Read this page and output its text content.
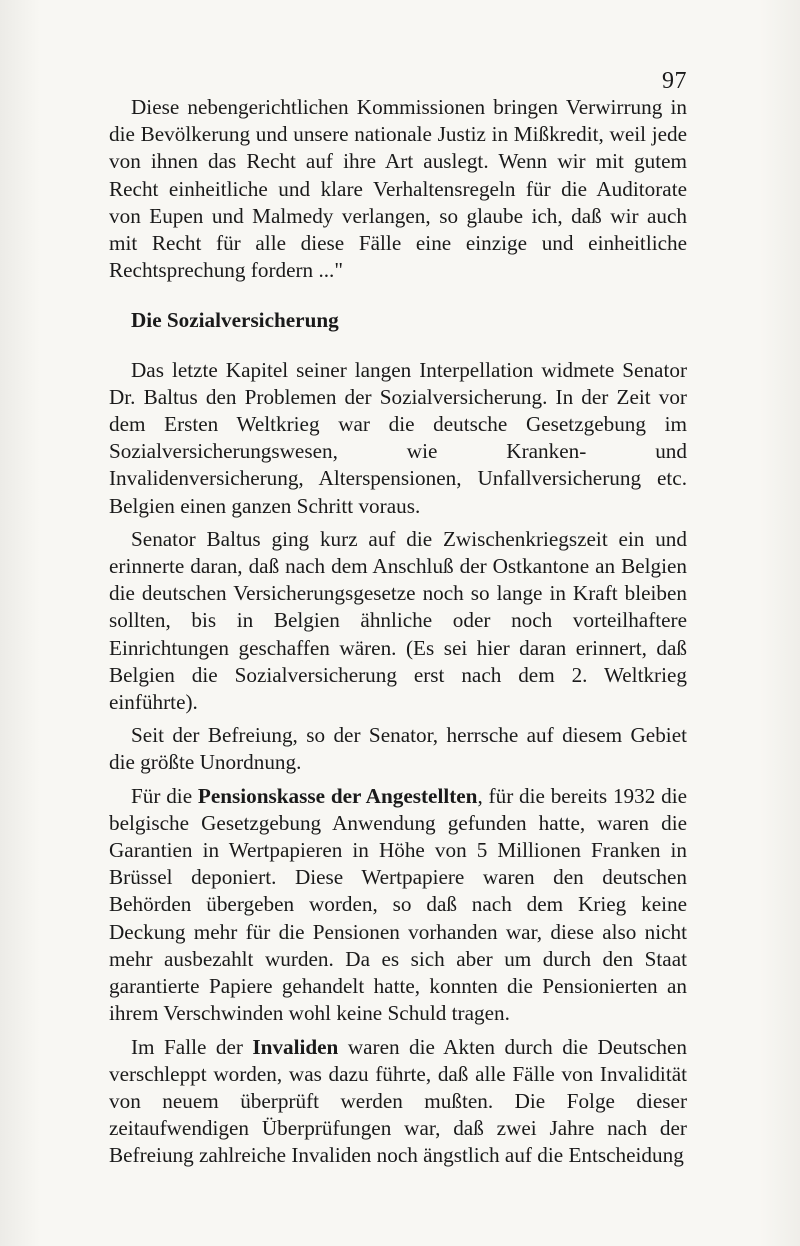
97

Diese nebengerichtlichen Kommissionen bringen Verwirrung in die Bevölkerung und unsere nationale Justiz in Mißkredit, weil jede von ihnen das Recht auf ihre Art auslegt. Wenn wir mit gutem Recht einheitliche und klare Verhaltensregeln für die Auditorate von Eupen und Malmedy verlangen, so glaube ich, daß wir auch mit Recht für alle diese Fälle eine einzige und einheitliche Rechtsprechung fordern ..."

Die Sozialversicherung

Das letzte Kapitel seiner langen Interpellation widmete Senator Dr. Baltus den Problemen der Sozialversicherung. In der Zeit vor dem Ersten Weltkrieg war die deutsche Gesetzgebung im Sozialversicherungswesen, wie Kranken- und Invalidenversicherung, Alterspensionen, Unfallversicherung etc. Belgien einen ganzen Schritt voraus.

Senator Baltus ging kurz auf die Zwischenkriegszeit ein und erinnerte daran, daß nach dem Anschluß der Ostkantone an Belgien die deutschen Versicherungsgesetze noch so lange in Kraft bleiben sollten, bis in Belgien ähnliche oder noch vorteilhaftere Einrichtungen geschaffen wären. (Es sei hier daran erinnert, daß Belgien die Sozialversicherung erst nach dem 2. Weltkrieg einführte).

Seit der Befreiung, so der Senator, herrsche auf diesem Gebiet die größte Unordnung.

Für die Pensionskasse der Angestellten, für die bereits 1932 die belgische Gesetzgebung Anwendung gefunden hatte, waren die Garantien in Wertpapieren in Höhe von 5 Millionen Franken in Brüssel deponiert. Diese Wertpapiere waren den deutschen Behörden übergeben worden, so daß nach dem Krieg keine Deckung mehr für die Pensionen vorhanden war, diese also nicht mehr ausbezahlt wurden. Da es sich aber um durch den Staat garantierte Papiere gehandelt hatte, konnten die Pensionierten an ihrem Verschwinden wohl keine Schuld tragen.

Im Falle der Invaliden waren die Akten durch die Deutschen verschleppt worden, was dazu führte, daß alle Fälle von Invalidität von neuem überprüft werden mußten. Die Folge dieser zeitaufwendigen Überprüfungen war, daß zwei Jahre nach der Befreiung zahlreiche Invaliden noch ängstlich auf die Entscheidung
